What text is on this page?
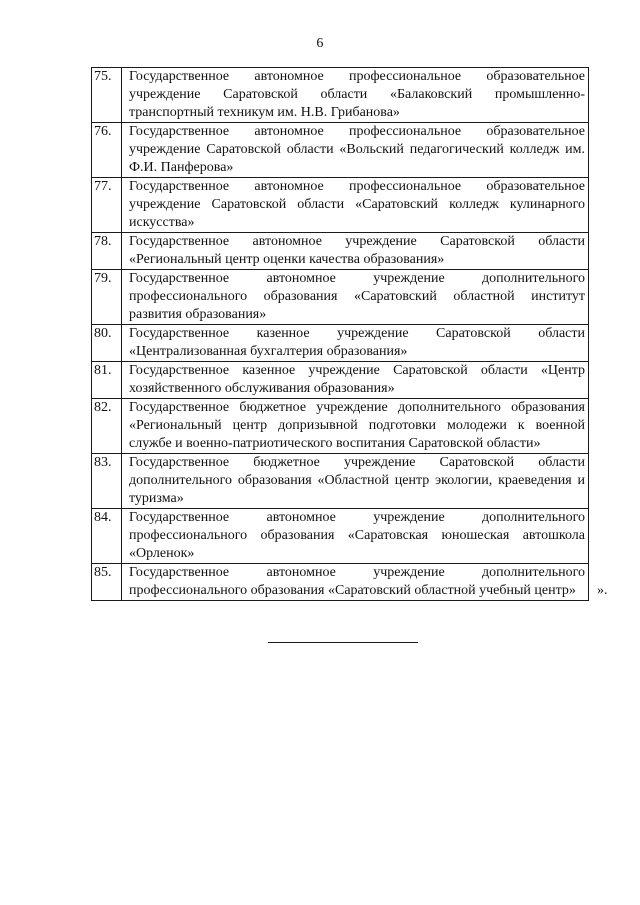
6
75.	Государственное автономное профессиональное образовательное учреждение Саратовской области «Балаковский промышленно-транспортный техникум им. Н.В. Грибанова»
76.	Государственное автономное профессиональное образовательное учреждение Саратовской области «Вольский педагогический колледж им. Ф.И. Панферова»
77.	Государственное автономное профессиональное образовательное учреждение Саратовской области «Саратовский колледж кулинарного искусства»
78.	Государственное автономное учреждение Саратовской области «Региональный центр оценки качества образования»
79.	Государственное автономное учреждение дополнительного профессионального образования «Саратовский областной институт развития образования»
80.	Государственное казенное учреждение Саратовской области «Централизованная бухгалтерия образования»
81.	Государственное казенное учреждение Саратовской области «Центр хозяйственного обслуживания образования»
82.	Государственное бюджетное учреждение дополнительного образования «Региональный центр допризывной подготовки молодежи к военной службе и военно-патриотического воспитания Саратовской области»
83.	Государственное бюджетное учреждение Саратовской области дополнительного образования «Областной центр экологии, краеведения и туризма»
84.	Государственное автономное учреждение дополнительного профессионального образования «Саратовская юношеская автошкола «Орленок»
85.	Государственное автономное учреждение дополнительного профессионального образования «Саратовский областной учебный центр» ».
